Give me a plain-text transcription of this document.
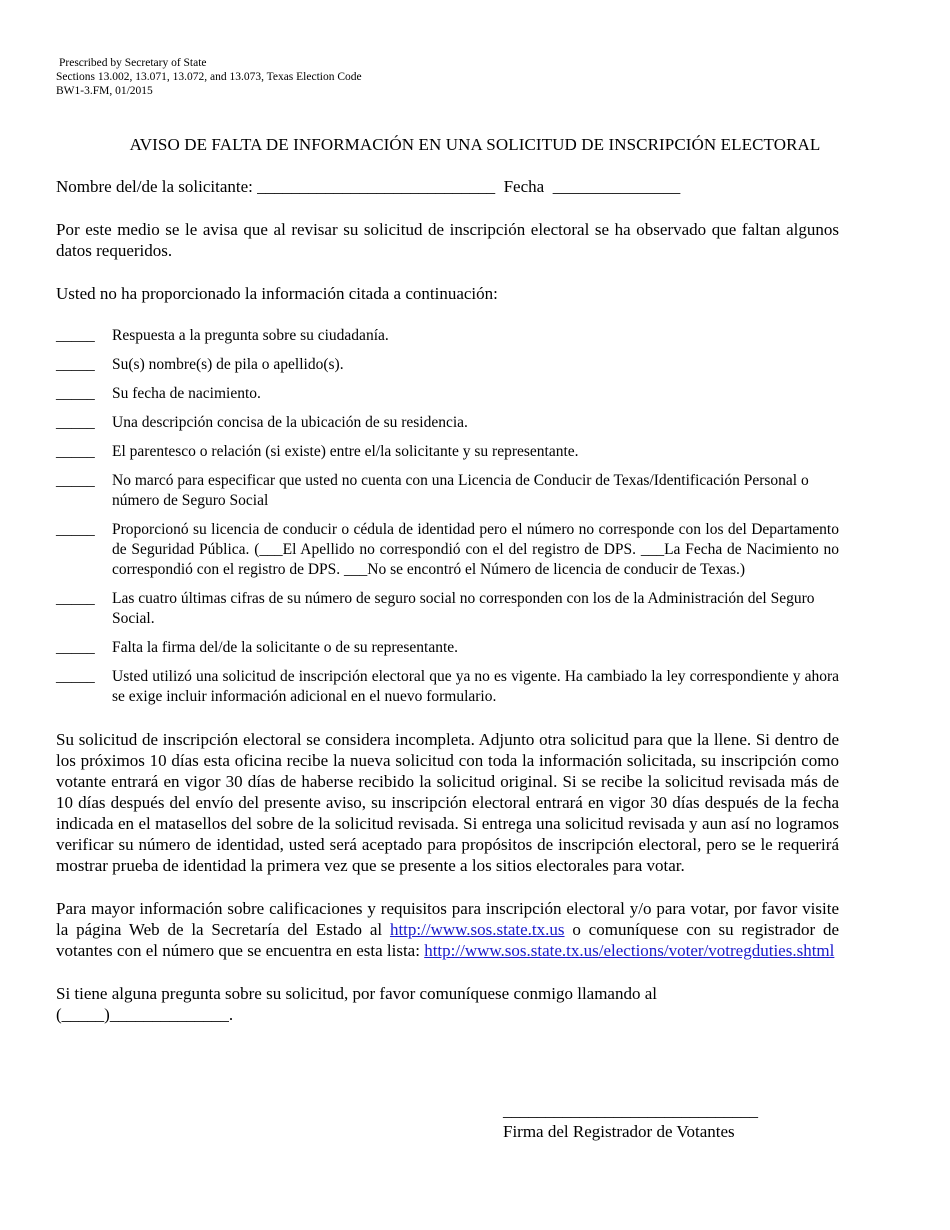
Prescribed by Secretary of State
Sections 13.002, 13.071, 13.072, and 13.073, Texas Election Code
BW1-3.FM, 01/2015
AVISO DE FALTA DE INFORMACIÓN EN UNA SOLICITUD DE INSCRIPCIÓN ELECTORAL

Nombre del/de la solicitante: ____________________________  Fecha  _______________

Por este medio se le avisa que al revisar su solicitud de inscripción electoral se ha observado que faltan algunos datos requeridos.

Usted no ha proporcionado la información citada a continuación:

_____	Respuesta a la pregunta sobre su ciudadanía.
_____	Su(s) nombre(s) de pila o apellido(s).
_____	Su fecha de nacimiento.
_____	Una descripción concisa de la ubicación de su residencia.
_____	El parentesco o relación (si existe) entre el/la solicitante y su representante.
_____	No marcó para especificar que usted no cuenta con una Licencia de Conducir de Texas/Identificación Personal o número de Seguro Social
_____	Proporcionó su licencia de conducir o cédula de identidad pero el número no corresponde con los del Departamento de Seguridad Pública. (___El Apellido no correspondió con el del registro de DPS. ___La Fecha de Nacimiento no correspondió con el registro de DPS. ___No se encontró el Número de licencia de conducir de Texas.)
_____	Las cuatro últimas cifras de su número de seguro social no corresponden con los de la Administración del Seguro Social.
_____	Falta la firma del/de la solicitante o de su representante.
_____	Usted utilizó una solicitud de inscripción electoral que ya no es vigente. Ha cambiado la ley correspondiente y ahora se exige incluir información adicional en el nuevo formulario.

Su solicitud de inscripción electoral se considera incompleta. Adjunto otra solicitud para que la llene. Si dentro de los próximos 10 días esta oficina recibe la nueva solicitud con toda la información solicitada, su inscripción como votante entrará en vigor 30 días de haberse recibido la solicitud original. Si se recibe la solicitud revisada más de 10 días después del envío del presente aviso, su inscripción electoral entrará en vigor 30 días después de la fecha indicada en el matasellos del sobre de la solicitud revisada. Si entrega una solicitud revisada y aun así no logramos verificar su número de identidad, usted será aceptado para propósitos de inscripción electoral, pero se le requerirá mostrar prueba de identidad la primera vez que se presente a los sitios electorales para votar.

Para mayor información sobre calificaciones y requisitos para inscripción electoral y/o para votar, por favor visite la página Web de la Secretaría del Estado al http://www.sos.state.tx.us o comuníquese con su registrador de votantes con el número que se encuentra en esta lista: http://www.sos.state.tx.us/elections/voter/votregduties.shtml

Si tiene alguna pregunta sobre su solicitud, por favor comuníquese conmigo llamando al
(_____)______________.

______________________________
Firma del Registrador de Votantes
